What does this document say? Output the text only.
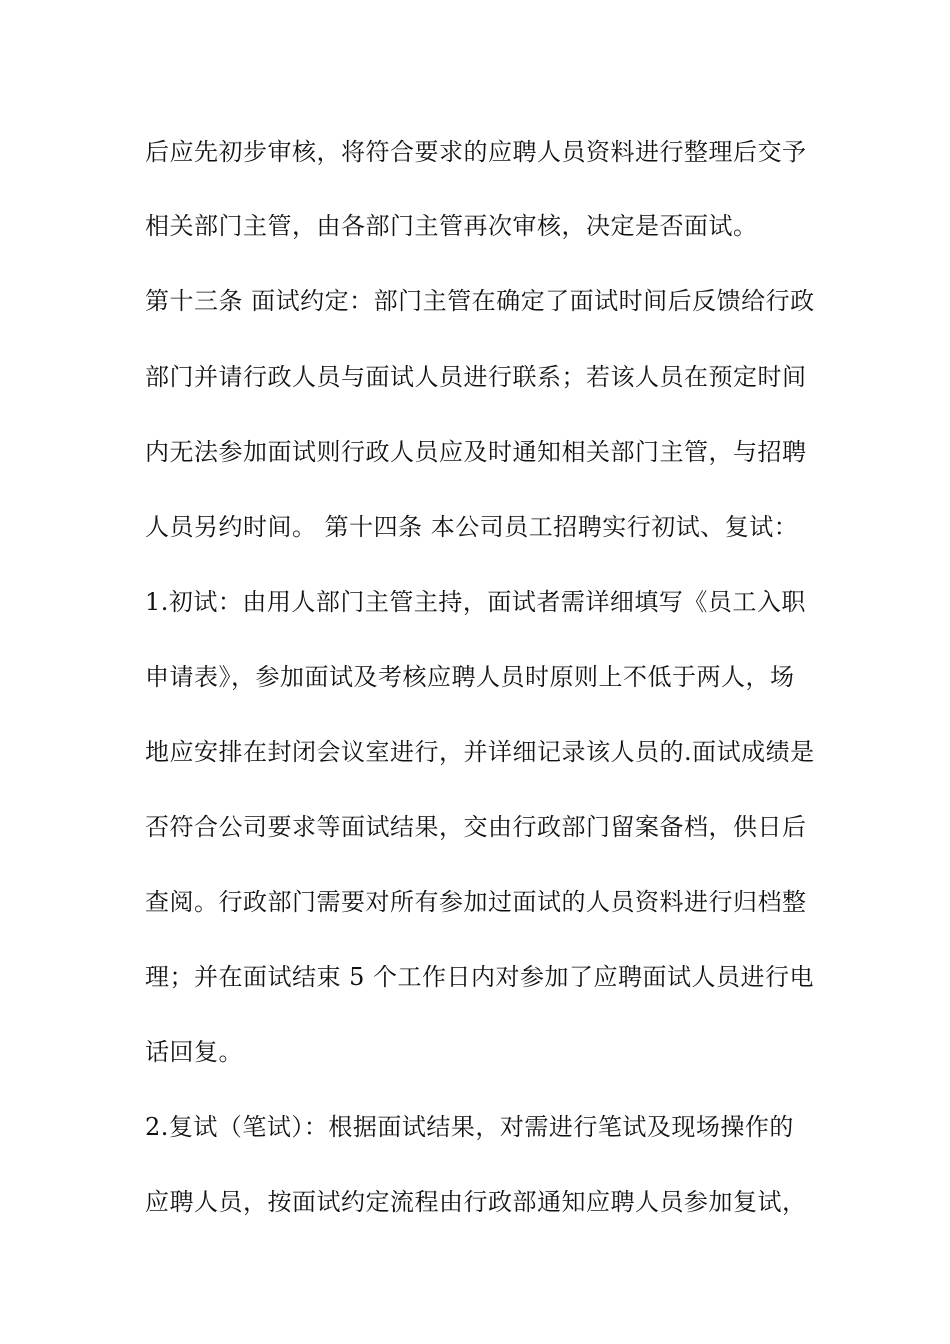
后应先初步审核，将符合要求的应聘人员资料进行整理后交予
相关部门主管，由各部门主管再次审核，决定是否面试。
第十三条 面试约定：部门主管在确定了面试时间后反馈给行政
部门并请行政人员与面试人员进行联系；若该人员在预定时间
内无法参加面试则行政人员应及时通知相关部门主管，与招聘
人员另约时间。 第十四条 本公司员工招聘实行初试、复试：
1.初试：由用人部门主管主持，面试者需详细填写《员工入职
申请表》，参加面试及考核应聘人员时原则上不低于两人，场
地应安排在封闭会议室进行，并详细记录该人员的.面试成绩是
否符合公司要求等面试结果，交由行政部门留案备档，供日后
查阅。行政部门需要对所有参加过面试的人员资料进行归档整
理；并在面试结束 5 个工作日内对参加了应聘面试人员进行电
话回复。
2.复试（笔试）：根据面试结果，对需进行笔试及现场操作的
应聘人员，按面试约定流程由行政部通知应聘人员参加复试，
